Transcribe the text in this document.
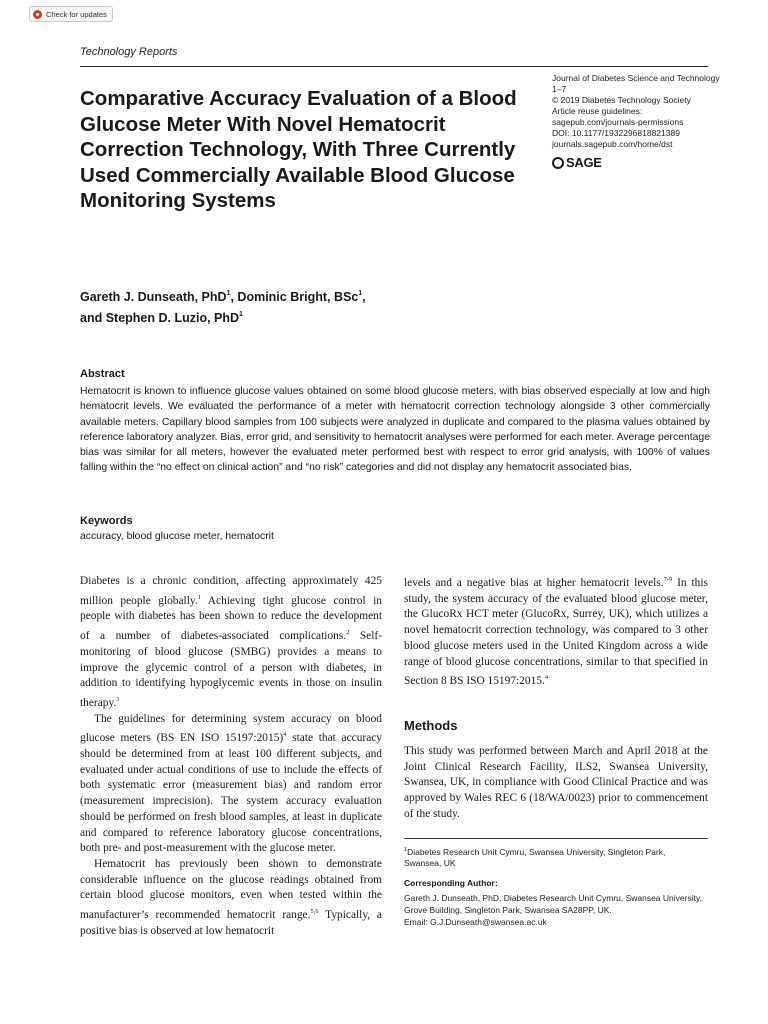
Check for updates
Technology Reports
Comparative Accuracy Evaluation of a Blood Glucose Meter With Novel Hematocrit Correction Technology, With Three Currently Used Commercially Available Blood Glucose Monitoring Systems
Journal of Diabetes Science and Technology
1–7
© 2019 Diabetes Technology Society
Article reuse guidelines:
sagepub.com/journals-permissions
DOI: 10.1177/1932296818821389
journals.sagepub.com/home/dst
SAGE
Gareth J. Dunseath, PhD$^1$, Dominic Bright, BSc$^1$,
and Stephen D. Luzio, PhD$^1$
Abstract

Hematocrit is known to influence glucose values obtained on some blood glucose meters, with bias observed especially at low and high hematocrit levels. We evaluated the performance of a meter with hematocrit correction technology alongside 3 other commercially available meters. Capillary blood samples from 100 subjects were analyzed in duplicate and compared to the plasma values obtained by reference laboratory analyzer. Bias, error grid, and sensitivity to hematocrit analyses were performed for each meter. Average percentage bias was similar for all meters, however the evaluated meter performed best with respect to error grid analysis, with 100% of values falling within the “no effect on clinical action” and “no risk” categories and did not display any hematocrit associated bias.

Keywords
accuracy, blood glucose meter, hematocrit

Diabetes is a chronic condition, affecting approximately 425 million people globally.$^1$ Achieving tight glucose control in people with diabetes has been shown to reduce the development of a number of diabetes-associated complications.$^2$ Self-monitoring of blood glucose (SMBG) provides a means to improve the glycemic control of a person with diabetes, in addition to identifying hypoglycemic events in those on insulin therapy.$^3$

The guidelines for determining system accuracy on blood glucose meters (BS EN ISO 15197:2015)$^4$ state that accuracy should be determined from at least 100 different subjects, and evaluated under actual conditions of use to include the effects of both systematic error (measurement bias) and random error (measurement imprecision). The system accuracy evaluation should be performed on fresh blood samples, at least in duplicate and compared to reference laboratory glucose concentrations, both pre- and post-measurement with the glucose meter.

Hematocrit has previously been shown to demonstrate considerable influence on the glucose readings obtained from certain blood glucose monitors, even when tested within the manufacturer’s recommended hematocrit range.$^{5,6}$ Typically, a positive bias is observed at low hematocrit

levels and a negative bias at higher hematocrit levels.$^{7-9}$ In this study, the system accuracy of the evaluated blood glucose meter, the GlucoRx HCT meter (GlucoRx, Surrey, UK), which utilizes a novel hematocrit correction technology, was compared to 3 other blood glucose meters used in the United Kingdom across a wide range of blood glucose concentrations, similar to that specified in Section 8 BS ISO 15197:2015.$^4$

Methods

This study was performed between March and April 2018 at the Joint Clinical Research Facility, ILS2, Swansea University, Swansea, UK, in compliance with Good Clinical Practice and was approved by Wales REC 6 (18/WA/0023) prior to commencement of the study.

$^1$Diabetes Research Unit Cymru, Swansea University, Singleton Park, Swansea, UK
Corresponding Author:
Gareth J. Dunseath, PhD, Diabetes Research Unit Cymru, Swansea University, Grove Building, Singleton Park, Swansea SA28PP, UK.
Email: G.J.Dunseath@swansea.ac.uk
